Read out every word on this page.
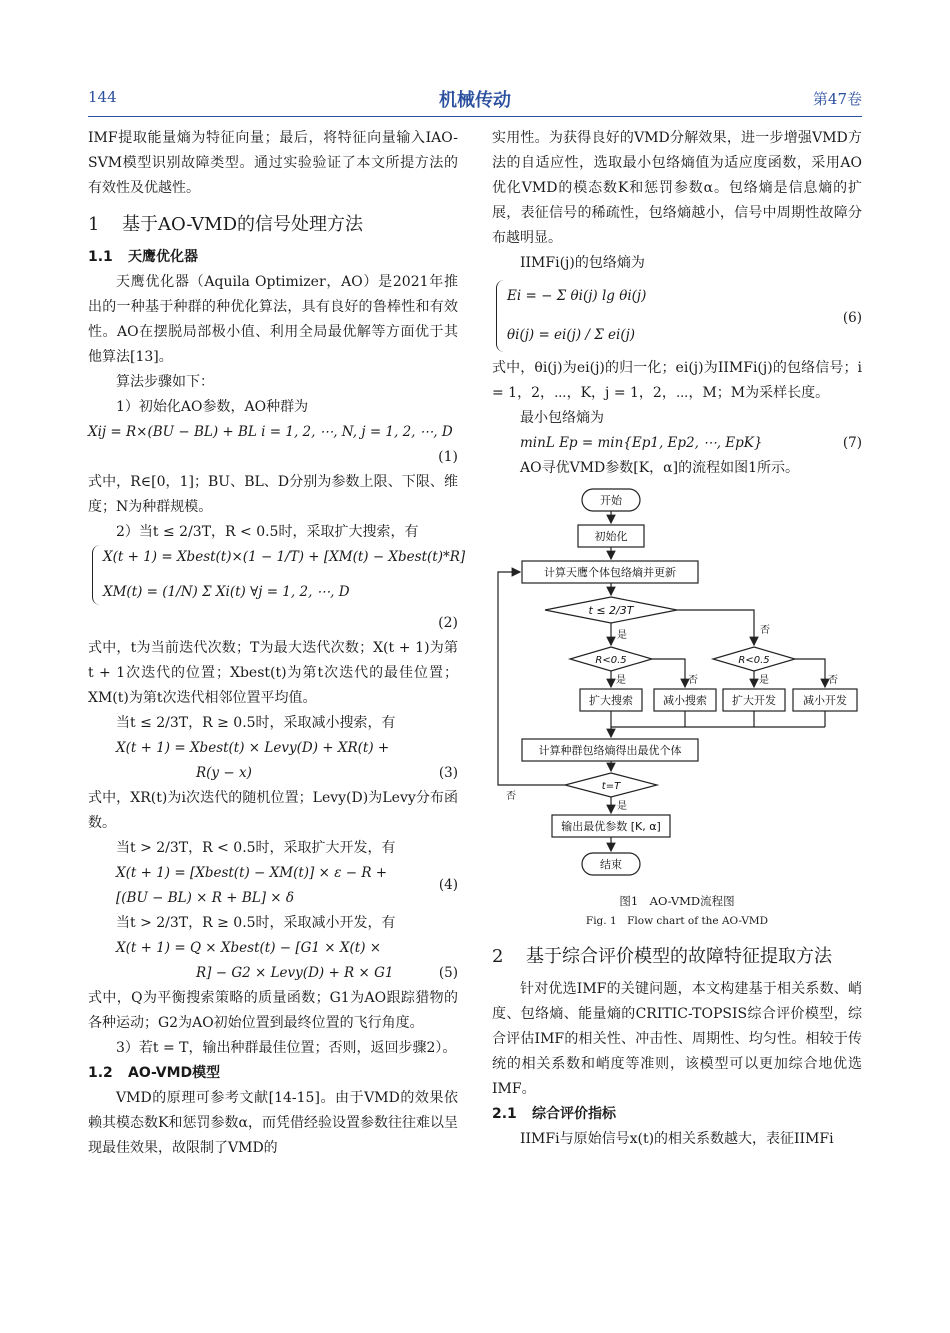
144	机械传动	第47卷

IMF提取能量熵为特征向量；最后，将特征向量输入IAO-SVM模型识别故障类型。通过实验验证了本文所提方法的有效性及优越性。

1 基于AO-VMD的信号处理方法
1.1 天鹰优化器

天鹰优化器（Aquila Optimizer，AO）是2021年推出的一种基于种群的种优化算法，具有良好的鲁棒性和有效性。AO在摆脱局部极小值、利用全局最优解等方面优于其他算法[13]。

算法步骤如下：

1）初始化AO参数，AO种群为

Xij = R×(BU − BL) + BL i = 1, 2, ⋯, N, j = 1, 2, ⋯, D
(1)

式中，R∈[0，1]；BU、BL、D分别为参数上限、下限、维度；N为种群规模。

2）当t ≤ 2/3T，R < 0.5时，采取扩大搜索，有

X(t + 1) = Xbest(t)×(1 − 1/T) + [XM(t) − Xbest(t)*R]
XM(t) = (1/N) Σ Xi(t) ∀j = 1, 2, ⋯, D
(2)

式中，t为当前迭代次数；T为最大迭代次数；X(t + 1)为第t + 1次迭代的位置；Xbest(t)为第t次迭代的最佳位置；XM(t)为第t次迭代相邻位置平均值。

当t ≤ 2/3T，R ≥ 0.5时，采取减小搜索，有

X(t + 1) = Xbest(t) × Levy(D) + XR(t) +
R(y − x)	(3)

式中，XR(t)为i次迭代的随机位置；Levy(D)为Levy分布函数。

当t > 2/3T，R < 0.5时，采取扩大开发，有

X(t + 1) = [Xbest(t) − XM(t)] × ε − R +
[(BU − BL) × R + BL] × δ
(4)

当t > 2/3T，R ≥ 0.5时，采取减小开发，有

X(t + 1) = Q × Xbest(t) − [G1 × X(t) ×
R] − G2 × Levy(D) + R × G1	(5)

式中，Q为平衡搜索策略的质量函数；G1为AO跟踪猎物的各种运动；G2为AO初始位置到最终位置的飞行角度。

3）若t = T，输出种群最佳位置；否则，返回步骤2）。

1.2 AO-VMD模型

VMD的原理可参考文献[14-15]。由于VMD的效果依赖其模态数K和惩罚参数α，而凭借经验设置参数往往难以呈现最佳效果，故限制了VMD的

实用性。为获得良好的VMD分解效果，进一步增强VMD方法的自适应性，选取最小包络熵值为适应度函数，采用AO优化VMD的模态数K和惩罚参数α。包络熵是信息熵的扩展，表征信号的稀疏性，包络熵越小，信号中周期性故障分布越明显。

IIMFi(j)的包络熵为

Ei = − Σ θi(j) lg θi(j)
θi(j) = ei(j) / Σ ei(j)
(6)

式中，θi(j)为ei(j)的归一化；ei(j)为IIMFi(j)的包络信号；i = 1，2，⋯，K，j = 1，2，⋯，M；M为采样长度。

最小包络熵为

minL Ep = min{Ep1, Ep2, ⋯, EpK}	(7)

AO寻优VMD参数[K，α]的流程如图1所示。

开始
初始化
计算天鹰个体包络熵并更新
t ≤ 2/3T
R<0.5	R<0.5
扩大搜索	减小搜索 扩大开发 减小开发
计算种群包络熵得出最优个体
t=T
输出最优参数 [K, α]
结束
是	否
是	否	是	否
否
是
图1　AO-VMD流程图
Fig. 1　Flow chart of the AO-VMD
2 基于综合评价模型的故障特征提取方法

针对优选IMF的关键问题，本文构建基于相关系数、峭度、包络熵、能量熵的CRITIC-TOPSIS综合评价模型，综合评估IMF的相关性、冲击性、周期性、均匀性。相较于传统的相关系数和峭度等准则，该模型可以更加综合地优选IMF。

2.1 综合评价指标

IIMFi与原始信号x(t)的相关系数越大，表征IIMFi
